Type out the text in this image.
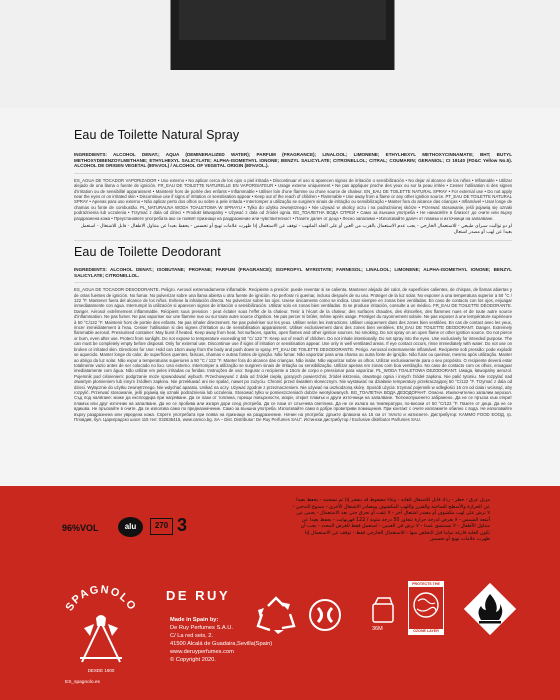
Eau de Toilette Natural Spray
INGREDIENTS: ALCOHOL DENAT.; AQUA (DEMINERALIZED WATER); PARFUM (FRAGRANCE); LINALOOL; LIMONENE; ETHYLHEXYL METHOXYCINNAMATE; BHT; BUTYL METHOXYDIBENZOYLMETHANE; ETHYLHEXYL SALICYLATE; ALPHA-ISOMETHYL IONONE; BENZYL SALICYLATE; CITRONELLOL; CITRAL; COUMARIN; GERANIOL; CI 19140 (FD&C Yellow No.5). ALCOHOL DE ORIGEN VEGETAL (80%VOL) / ALCOHOL OF VEGETAL ORIGIN (80%VOL.).
ES_AGUA DE TOCADOR VAPORIZADOR • Uso externo • No aplicar cerca de los ojos o piel irritada • Discontinuar el uso si aparecen signos de irritación o sensibilización • No dejar al alcance de los niños • Inflamable • Utilizar alejado de una llama o fuente de ignición. FR_EAU DE TOILETTE NATURELLE EN VAPORISATEUR • Usage externe uniquement • Ne pas appliquer proche des yeux ou sur la peau irritée • Cesser l’utilisation si des signes d’irritation ou de sensibilité apparaissent • Maintenir hors de portée des enfants • Inflammable • Utiliser loin d’une flamme ou d’une source de chaleur. EN_EAU DE TOILETTE NATURAL SPRAY • For external use • Do not apply near the eyes or on irritated skin • Discontinue use if signs of irritation or sensitisation appear • Keep out of the reach of children • Flammable • Use away from a flame or any other ignition source. PT_EAU DE TOILETTE NATURAL SPRAY • Apenas para uso externo • Não aplicar perto dos olhos ou sobre a pele irritada • Interromper a utilização se surgirem sinais de irritação ou sensibilização • Manter fora do alcance das crianças • Inflamável • Usar longe de chamas ou fonte de combustão. PL_NATURALNA WODA TOALETOWA W SPRAYU • Tylko do użytku zewnętrznego • Nie używać w okolicy oczu i na podrażnionej skórze • Przerwać stosowanie, jeśli pojawią się oznaki podrażnienia lub uczulenia • Trzymać z dala od dzieci • Produkt łatwopalny • Używać z dala od źródeł ognia. BG_ТОАЛЕТНА ВОДА СПРЕЙ • Само за външна употреба • Не нанасяйте в близост до очите или върху раздразнена кожа • Преустановете употребата ако се появят признаци на раздразнение или чувствителност • Пазете далеч от деца • Лесно запалимо • Използвайте далеч от пламък и източници на запалване.
او دو تواليت سبراي طبيعي - للاستعمال الخارجي - يجب عدم الاستعمال بالقرب من العين أو على الجلد الملتهب - توقف عن الاستعمال إذا ظهرت علامات تهيج أو تحسس - يحفظ بعيدا عن متناول الاطفال - قابل للاشتعال - استعمل بعيدا عن لهب أو مصدر اشتعال
Eau de Toilette Deodorant
INGREDIENTS: ALCOHOL DENAT.; ISOBUTANE; PROPANE; PARFUM (FRAGRANCE); ISOPROPYL MYRISTATE; FARNESOL; LINALOOL; LIMONENE; ALPHA-ISOMETHYL IONONE; BENZYL SALICYLATE; CITRONELLOL.
ES_AGUA DE TOCADOR DESODORANTE. Peligro. Aerosol extremadamente inflamable. Recipiente a presión: puede reventar si se calienta. Mantener alejado del calor, de superficies calientes, de chispas, de llamas abiertas y de otras fuentes de ignición. No fumar. No pulverizar sobre una llama abierta u otra fuente de ignición. No perforar ni quemar, incluso después de su uso. Proteger de la luz solar. No exponer a una temperatura superior a 50 °C / 122 °F. Mantener fuera del alcance de los niños. Evítese la inhalación directa. No pulverizar sobre los ojos. Usese únicamente como se indica. Usar siempre en zonas bien ventiladas. En caso de contacto con los ojos, enjuagar inmediatamente con agua. Interrumpir la utilización si aparecen signos de irritación o sensibilización. Utilizar solo en zonas bien ventiladas. Si se produce irritación, consulte a un médico. FR_EAU DE TOILETTE DÉODORANTE. Danger. Aérosol extrêmement inflammable. Récipient sous pression : peut éclater sous l’effet de la chaleur. Tenir à l’écart de la chaleur, des surfaces chaudes, des étincelles, des flammes nues et de toute autre source d’inflammation. Ne pas fumer. Ne pas vaporiser sur une flamme nue ou sur toute autre source d’ignition. Ne pas percer ni brûler, même après usage. Protéger du rayonnement solaire. Ne pas exposer à une température supérieure à 50 °C/122 °F. Maintenir hors de portée des enfants. Ne pas inhaler directement. Ne pas pulvériser sur les yeux. Utiliser selon les instructions. Utiliser uniquement dans des zones bien ventilées. En cas de contact avec les yeux, rincer immédiatement à l’eau. Cesser l’utilisation si des signes d’irritation ou de sensibilisation apparaissent. Utiliser exclusivement dans des zones bien ventilées. EN_EAU DE TOILETTE DEODORANT. Danger. Extremely flammable aerosol. Pressurised container: May burst if heated. Keep away from heat, hot surfaces, sparks, open flames and other ignition sources. No smoking. Do not spray on an open flame or other ignition source. Do not pierce or burn, even after use. Protect from sunlight. Do not expose to temperature exceeding 50 °C/ 122 °F. Keep out of reach of children. Do not inhale intentionally. Do not spray into the eyes. Use exclusively for intended purpose. The can must be completely empty before disposal. Only for external use. Discontinue use if signs of irritation or sensitisation appear. Use only in well ventilated areas. If eye contact occurs, rinse immediately with water. Do not use on broken or irritated skin. Directions for Use: Hold can 15cm away from the body and push down to spray. PT_EAU DE TOILETTE DESODORANTE. Perigo. Aerossol extremamente inflamável. Recipiente sob pressão: pode explodir se aquecido. Manter longe do calor, de superfícies quentes, faíscas, chamas e outras fontes de ignição. Não fumar. Não vaporizar para uma chama ou outra fonte de ignição. Não furar ou queimar, mesmo após utilização. Manter ao abrigo da luz solar. Não expor a temperaturas superiores a 50 °C / 122 °F. Manter fora do alcance das crianças. Não inalar. Não vaporizar sobre os olhos. Utilizar exclusivamente para o seu propósito. O recipiente deverá estar totalmente vazio antes de ser colocado no lixo. Uso externo. Interromper a utilização se surgirem sinais de irritação ou sensibilização. Utilizar apenas em zonas com boa ventilação. No caso de contacto com os olhos, enxaguar imediatamente com água. Não utilizar em peles irritadas ou feridas. Instruções de uso: Segurar o recipiente a 15cm de corpo e pressionar para vaporizar. PL_WODA TOALETOWA DEZODORANT. Uwaga, łatwopalny aerozol. Pojemnik pod ciśnieniem: podgrzanie może spowodować wybuch. Przechowywać z dala od źródeł ciepła, gorących powierzchni, źródeł iskrzenia, otwartego ognia i innych źródeł zapłonu. Nie palić tytoniu. Nie rozpylać nad otwartym płomieniem lub innym źródłem zapłonu. Nie przekłuwać ani nie spalać, nawet po zużyciu. Chronić przed światłem słonecznym. Nie wystawiać na działanie temperatury przekraczającej 50 °C/122 °F. Trzymać z dala od dzieci. Wyłącznie do użytku zewnętrznego. Nie wdychać aparatu. Unikać na oczy. Używać zgodnie z przeznaczeniem. Nie używać na uszkodzoną skórę. Sposób użycia: trzymać pojemnik w odległości 15 cm od ciała i wcisnąć, aby rozpylić. Przerwać stosowanie, jeśli pojawią się oznaki podrażnienia lub uczulenia. Stosować tylko w pomieszczeniach dobrze wentylowanych. BG_ТОАЛЕТНА ВОДА ДЕЗОДОРАНТ. Опасно. Изключително запалим аерозол. Съд под налягане: може да експлодира при нагряване. Да се пази от топлина, горещи повърхности, искри, открит пламък и други източници на запалване. Тютюнопушенето забранено. Да не се пръска към открит пламък или друг източник на запалване. Да не се пробива или изгаря дори след употреба. Да се пази от слънчева светлина. Да не се излага на температури, по-високи от 50 °C/122 °F. Пазете от деца. Да не се вдишва. Не пръскайте в очите. Да се използва само по предназначение. Само за външна употреба. Използвайте само в добре проветриви помещения. При контакт с очите изплакнете обилно с вода. Не използвайте върху раздразнена или увредена кожа. Спрете употребата при поява на признаци на раздразнение. Начин на употреба: дръжте флакона на 15 см от тялото и натиснете. Дистрибутор: KAMMO FOOD ЕООД, гр. Пловдив, бул. Цариградско шосе 115 тел: 032635415, www.camco.bg. SA – Dist. Distributor: De Ruy Perfumes SAU”. Истински дистрибутор / Exclusive distributor Parfumes SAU.
96%VOL	alu	270 3
مزيل عرق - خطر - رذاذ قابل للاشتعال للغاية - وعاء مضغوط قد ينفجر إذا تم تسخينه - يحفظ بعيدا عن الحرارة والأسطح الساخنة والشرر واللهب المكشوف ومصادر الاشتعال الأخرى - ممنوع التدخين - لا ترش على لهب مكشوف أو مصدر اشتعال آخر - لا تثقب أو تحرق حتى بعد الاستعمال - يحمى من أشعة الشمس - لا يعرض لدرجة حرارة تتجاوز 50 درجة مئوية / 122 فهرنهايت - يحفظ بعيدا عن متناول الأطفال - لا تستنشق عمدا - لا ترش في العينين - استعمل فقط للغرض المحدد - يجب أن تكون العلبة فارغة تماما قبل التخلص منها - للاستعمال الخارجي فقط - توقف عن الاستعمال إذا ظهرت علامات تهيج أو تحسس
SPAGNOLO
DESDE 1900
ES_spagnolo.es
DE RUY
Made in Spain by:
De Ruy Perfumes S.A.U.
C/ La red seis, 2.
41500 Alcalá de Guadaira,Sevilla(Spain)
www.deruyperfumes.com
© Copyright 2020.
36M
PROTECTS THE
OZONE LAYER
